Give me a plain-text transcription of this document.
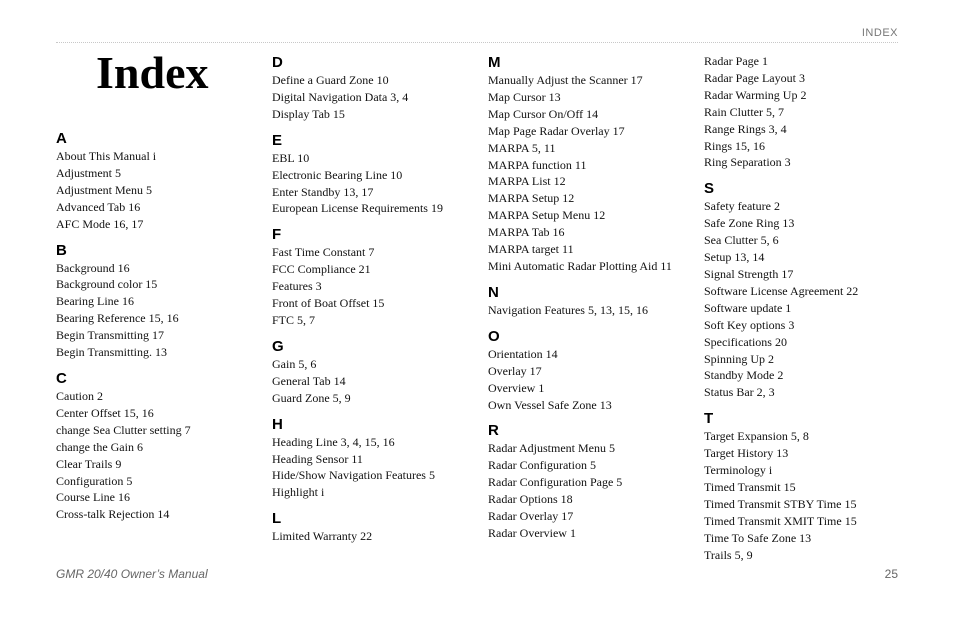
INDEX
Index
A
About This Manual i
Adjustment 5
Adjustment Menu 5
Advanced Tab 16
AFC Mode 16, 17
B
Background 16
Background color 15
Bearing Line 16
Bearing Reference 15, 16
Begin Transmitting 17
Begin Transmitting. 13
C
Caution 2
Center Offset 15, 16
change Sea Clutter setting 7
change the Gain 6
Clear Trails 9
Configuration 5
Course Line 16
Cross-talk Rejection 14
D
Define a Guard Zone 10
Digital Navigation Data 3, 4
Display Tab 15
E
EBL 10
Electronic Bearing Line 10
Enter Standby 13, 17
European License Requirements 19
F
Fast Time Constant 7
FCC Compliance 21
Features 3
Front of Boat Offset 15
FTC 5, 7
G
Gain 5, 6
General Tab 14
Guard Zone 5, 9
H
Heading Line 3, 4, 15, 16
Heading Sensor 11
Hide/Show Navigation Features 5
Highlight i
L
Limited Warranty 22
M
Manually Adjust the Scanner 17
Map Cursor 13
Map Cursor On/Off 14
Map Page Radar Overlay 17
MARPA 5, 11
MARPA function 11
MARPA List 12
MARPA Setup 12
MARPA Setup Menu 12
MARPA Tab 16
MARPA target 11
Mini Automatic Radar Plotting Aid 11
N
Navigation Features 5, 13, 15, 16
O
Orientation 14
Overlay 17
Overview 1
Own Vessel Safe Zone 13
R
Radar Adjustment Menu 5
Radar Configuration 5
Radar Configuration Page 5
Radar Options 18
Radar Overlay 17
Radar Overview 1
Radar Page 1
Radar Page Layout 3
Radar Warming Up 2
Rain Clutter 5, 7
Range Rings 3, 4
Rings 15, 16
Ring Separation 3
S
Safety feature 2
Safe Zone Ring 13
Sea Clutter 5, 6
Setup 13, 14
Signal Strength 17
Software License Agreement 22
Software update 1
Soft Key options 3
Specifications 20
Spinning Up 2
Standby Mode 2
Status Bar 2, 3
T
Target Expansion 5, 8
Target History 13
Terminology i
Timed Transmit 15
Timed Transmit STBY Time 15
Timed Transmit XMIT Time 15
Time To Safe Zone 13
Trails 5, 9
GMR 20/40 Owner’s Manual	25
